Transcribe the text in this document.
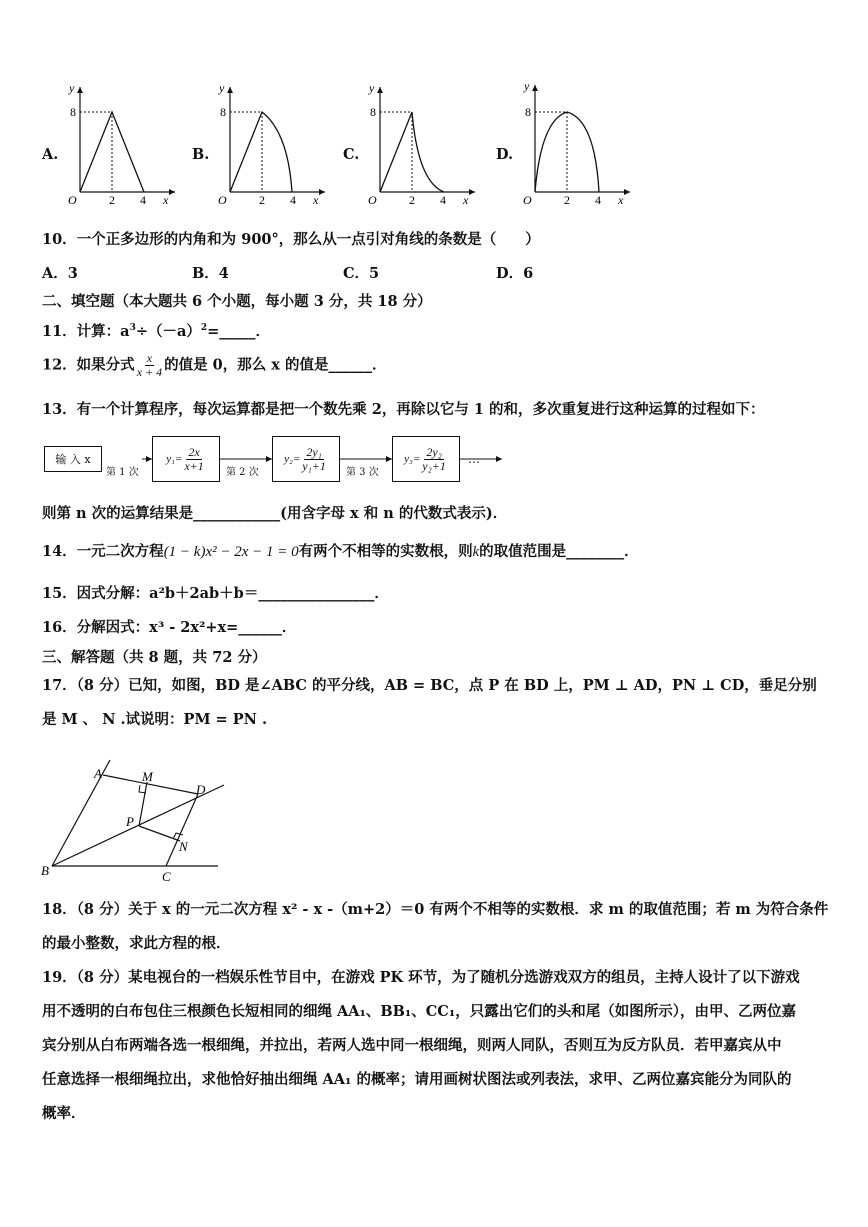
A.	B.	C.	D.
y
8
O	2 4 x
y
8
O	2 4 x
y
8
O	2 4 x
y
8
O	2 4 x
10．一个正多边形的内角和为 900°，那么从一点引对角线的条数是（　　）
A．3	B．4	C．5	D．6
二、填空题（本大题共 6 个小题，每小题 3 分，共 18 分）
11．计算：$a^3\div(-a)^2=\_\_\_\_\_$．
12．如果分式 $\frac{x}{x + 4}$ 的值是 0，那么 x 的值是______．
13．有一个计算程序，每次运算都是把一个数先乘 2，再除以它与 1 的和，多次重复进行这种运算的过程如下：
输 入 x	$y_1= \frac{2x}{x+1}$	$y_2= \frac{\text{2y₁}}{\text{y₁+1}}$	$y_3= \frac{\text{2y₂}}{\text{y₂+1}}$
第 1 次	第 2 次	第 3 次
…
则第 n 次的运算结果是____________(用含字母 x 和 n 的代数式表示)．
14．一元二次方程(1 − k)x² − 2x − 1 = 0有两个不相等的实数根，则k的取值范围是________．
15．因式分解：a²b＋2ab＋b＝________________．
16．分解因式：x³ - 2x²+x=______．
三、解答题（共 8 题，共 72 分）
17．（8 分）已知，如图，BD 是∠ABC 的平分线，AB = BC，点 P 在 BD 上，PM ⊥ AD，PN ⊥ CD，垂足分别
是 M 、 N .试说明：PM = PN .
A	M
D
P
N
B	C
18．（8 分）关于 x 的一元二次方程 x² - x -（m+2）＝0 有两个不相等的实数根．求 m 的取值范围；若 m 为符合条件
的最小整数，求此方程的根．
19．（8 分）某电视台的一档娱乐性节目中，在游戏 PK 环节，为了随机分选游戏双方的组员，主持人设计了以下游戏
用不透明的白布包住三根颜色长短相同的细绳 AA₁、BB₁、CC₁，只露出它们的头和尾（如图所示），由甲、乙两位嘉
宾分别从白布两端各选一根细绳，并拉出，若两人选中同一根细绳，则两人同队，否则互为反方队员．若甲嘉宾从中
任意选择一根细绳拉出，求他恰好抽出细绳 AA₁ 的概率；请用画树状图法或列表法，求甲、乙两位嘉宾能分为同队的
概率．
